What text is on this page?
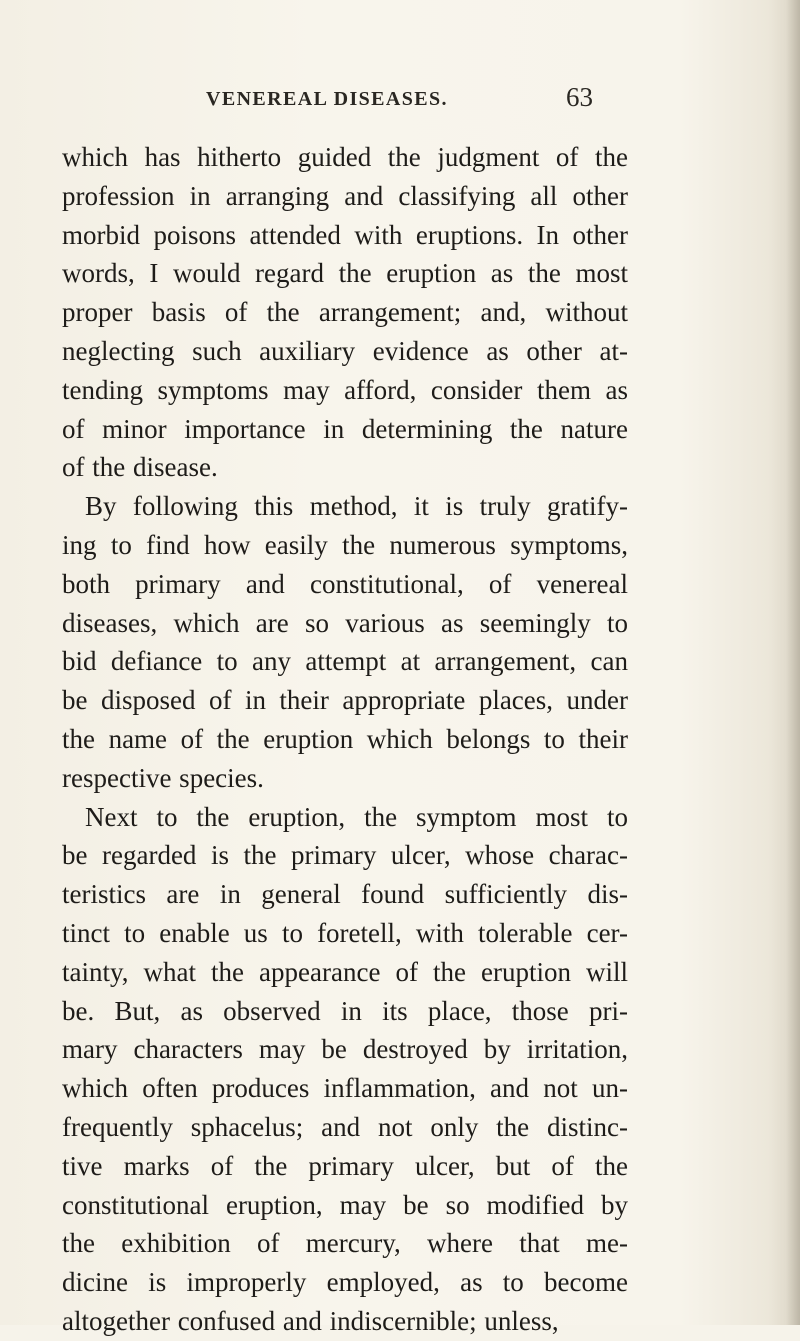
VENEREAL DISEASES.	63
which has hitherto guided the judgment of the
profession in arranging and classifying all other
morbid poisons attended with eruptions. In other
words, I would regard the eruption as the most
proper basis of the arrangement; and, without
neglecting such auxiliary evidence as other at-
tending symptoms may afford, consider them as
of minor importance in determining the nature
of the disease.
By following this method, it is truly gratify-
ing to find how easily the numerous symptoms,
both primary and constitutional, of venereal
diseases, which are so various as seemingly to
bid defiance to any attempt at arrangement, can
be disposed of in their appropriate places, under
the name of the eruption which belongs to their
respective species.
Next to the eruption, the symptom most to
be regarded is the primary ulcer, whose charac-
teristics are in general found sufficiently dis-
tinct to enable us to foretell, with tolerable cer-
tainty, what the appearance of the eruption will
be. But, as observed in its place, those pri-
mary characters may be destroyed by irritation,
which often produces inflammation, and not un-
frequently sphacelus; and not only the distinc-
tive marks of the primary ulcer, but of the
constitutional eruption, may be so modified by
the exhibition of mercury, where that me-
dicine is improperly employed, as to become
altogether confused and indiscernible; unless,
